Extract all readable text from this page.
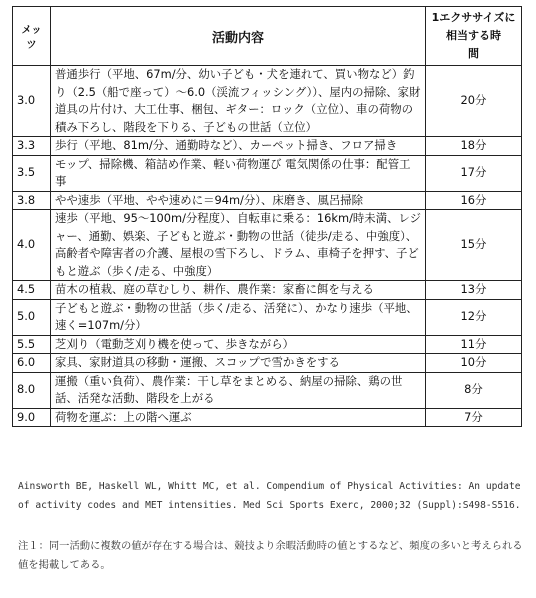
メッツ	活動内容	1エクササイズに
相当する時
間

3.0	普通歩行（平地、67m/分、幼い子ども・犬を連れて、買い物など）釣り（2.5（船で座って）～6.0（渓流フィッシング））、屋内の掃除、家財道具の片付け、大工仕事、梱包、ギター：ロック（立位）、車の荷物の積み下ろし、階段を下りる、子どもの世話（立位）	20分
3.3	歩行（平地、81m/分、通勤時など）、カーペット掃き、フロア掃き	18分
3.5	モップ、掃除機、箱詰め作業、軽い荷物運び 電気関係の仕事：配管工事	17分
3.8	やや速歩（平地、やや速めに＝94m/分）、床磨き、風呂掃除	16分
4.0	速歩（平地、95～100m/分程度）、自転車に乗る：16km/時未満、レジャー、通勤、娯楽、子どもと遊ぶ・動物の世話（徒歩/走る、中強度）、高齢者や障害者の介護、屋根の雪下ろし、ドラム、車椅子を押す、子どもと遊ぶ（歩く/走る、中強度）	15分
4.5	苗木の植栽、庭の草むしり、耕作、農作業：家畜に餌を与える	13分
5.0	子どもと遊ぶ・動物の世話（歩く/走る、活発に）、かなり速歩（平地、速く=107m/分）	12分
5.5	芝刈り（電動芝刈り機を使って、歩きながら）	11分
6.0	家具、家財道具の移動・運搬、スコップで雪かきをする	10分
8.0	運搬（重い負荷）、農作業：干し草をまとめる、納屋の掃除、鶏の世話、活発な活動、階段を上がる	8分
9.0	荷物を運ぶ：上の階へ運ぶ	7分
Ainsworth BE, Haskell WL, Whitt MC, et al. Compendium of Physical Activities: An update of activity codes and MET intensities. Med Sci Sports Exerc, 2000;32 (Suppl):S498-S516.
注１：同一活動に複数の値が存在する場合は、競技より余暇活動時の値とするなど、頻度の多いと考えられる値を掲載してある。
